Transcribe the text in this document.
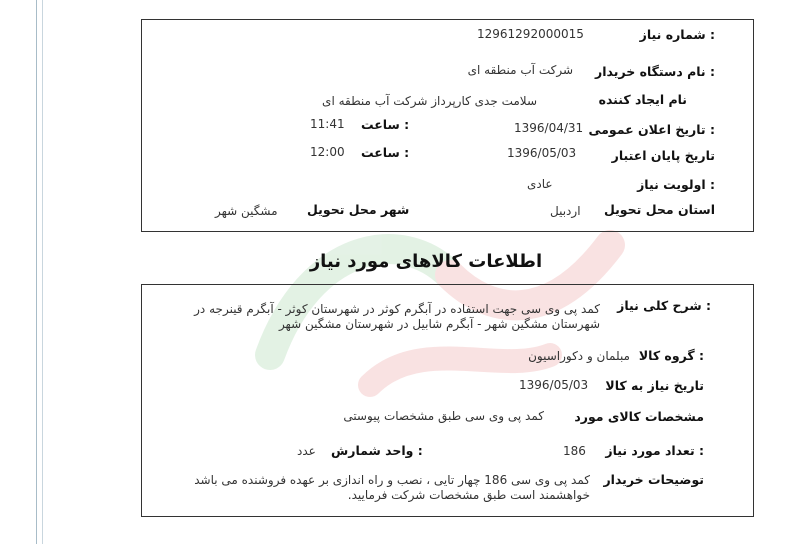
شماره نیاز :
12961292000015
نام دستگاه خریدار :
شرکت آب منطقه ای
نام ایجاد کننده
سلامت جدی کارپرداز شرکت آب منطقه ای
تاریخ اعلان عمومی :
1396/04/31
ساعت :
11:41
تاریخ پایان اعتبار
1396/05/03
ساعت :
12:00
اولویت نیاز :
عادی
استان محل تحویل
اردبیل
شهر محل تحویل
مشگین شهر
اطلاعات کالاهای مورد نیاز
شرح کلی نیاز :
کمد پی وی سی جهت استفاده در آبگرم کوثر در شهرستان کوثر - آبگرم قینرجه در شهرستان مشگین شهر - آبگرم شابیل در شهرستان مشگین شهر
گروه کالا :
مبلمان و دکوراسیون
تاریخ نیاز به کالا
1396/05/03
مشخصات کالای مورد
کمد پی وی سی طبق مشخصات پیوستی
تعداد مورد نیاز :
186
واحد شمارش :
عدد
توضیحات خریدار
کمد پی وی سی 186 چهار تایی ، نصب و راه اندازی بر عهده فروشنده می باشد خواهشمند است طبق مشخصات شرکت فرمایید.
